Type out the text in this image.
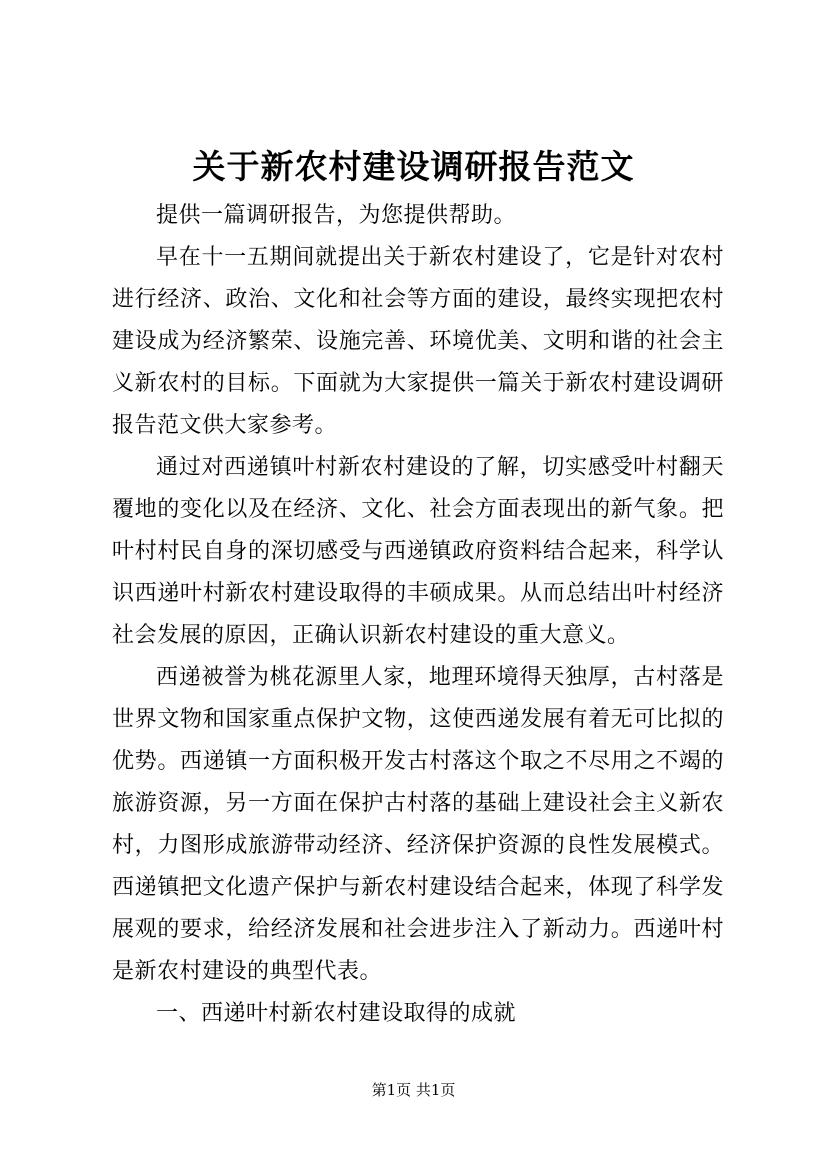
关于新农村建设调研报告范文

提供一篇调研报告，为您提供帮助。

早在十一五期间就提出关于新农村建设了，它是针对农村进行经济、政治、文化和社会等方面的建设，最终实现把农村建设成为经济繁荣、设施完善、环境优美、文明和谐的社会主义新农村的目标。下面就为大家提供一篇关于新农村建设调研报告范文供大家参考。

通过对西递镇叶村新农村建设的了解，切实感受叶村翻天覆地的变化以及在经济、文化、社会方面表现出的新气象。把叶村村民自身的深切感受与西递镇政府资料结合起来，科学认识西递叶村新农村建设取得的丰硕成果。从而总结出叶村经济社会发展的原因，正确认识新农村建设的重大意义。

西递被誉为桃花源里人家，地理环境得天独厚，古村落是世界文物和国家重点保护文物，这使西递发展有着无可比拟的优势。西递镇一方面积极开发古村落这个取之不尽用之不竭的旅游资源，另一方面在保护古村落的基础上建设社会主义新农村，力图形成旅游带动经济、经济保护资源的良性发展模式。西递镇把文化遗产保护与新农村建设结合起来，体现了科学发展观的要求，给经济发展和社会进步注入了新动力。西递叶村是新农村建设的典型代表。

一、西递叶村新农村建设取得的成就

第1页 共1页
